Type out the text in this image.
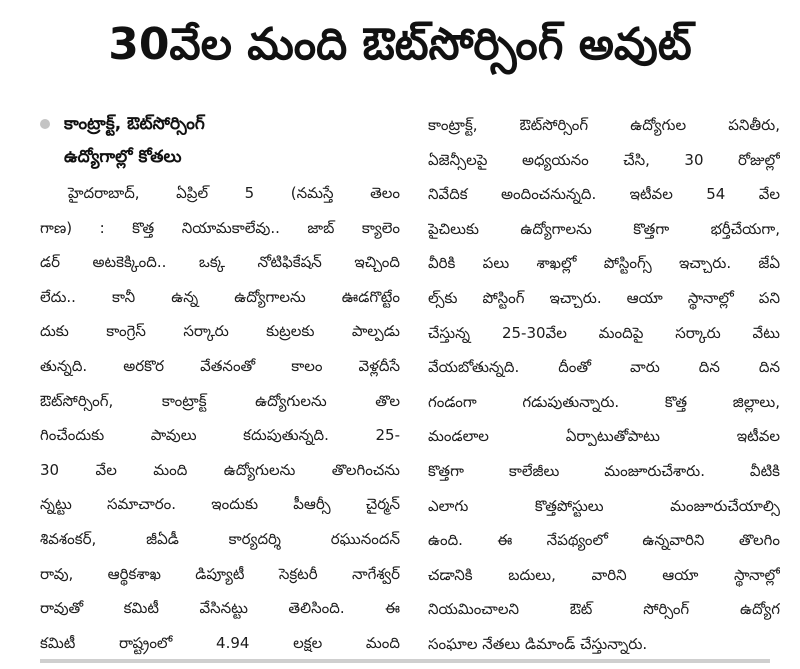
30వేల మంది ఔట్‌సోర్సింగ్ అవుట్
కాంట్రాక్ట్, ఔట్‌సోర్సింగ్
ఉద్యోగాల్లో కోతలు
హైదరాబాద్, ఏప్రిల్ 5 (నమస్తే తెలం
గాణ) : కొత్త నియామకాలేవు.. జాబ్ క్యాలెం
డర్ అటకెక్కింది.. ఒక్క నోటిఫికేషన్ ఇచ్చింది
లేదు.. కానీ ఉన్న ఉద్యోగాలను ఊడగొట్టేం
దుకు కాంగ్రెస్ సర్కారు కుట్రలకు పాల్పడు
తున్నది. అరకొర వేతనంతో కాలం వెళ్లదీసే
ఔట్‌సోర్సింగ్, కాంట్రాక్ట్ ఉద్యోగులను తొల
గించేందుకు పావులు కదుపుతున్నది. 25-
30 వేల మంది ఉద్యోగులను తొలగించను
న్నట్టు సమాచారం. ఇందుకు పీఆర్సీ చైర్మన్
శివశంకర్, జీఏడీ కార్యదర్శి రఘునందన్
రావు, ఆర్థికశాఖ డిప్యూటీ సెక్రటరీ నాగేశ్వర్
రావుతో కమిటీ వేసినట్టు తెలిసింది. ఈ
కమిటీ రాష్ట్రంలో 4.94 లక్షల మంది
కాంట్రాక్ట్, ఔట్‌సోర్సింగ్ ఉద్యోగుల పనితీరు,
ఏజెన్సీలపై అధ్యయనం చేసి, 30 రోజుల్లో
నివేదిక అందించనున్నది. ఇటీవల 54 వేల
పైచిలుకు ఉద్యోగాలను కొత్తగా భర్తీచేయగా,
వీరికి పలు శాఖల్లో పోస్టింగ్స్ ఇచ్చారు. జేఏ
ల్స్‌కు పోస్టింగ్ ఇచ్చారు. ఆయా స్థానాల్లో పని
చేస్తున్న 25-30వేల మందిపై సర్కారు వేటు
వేయబోతున్నది. దీంతో వారు దిన దిన
గండంగా గడుపుతున్నారు. కొత్త జిల్లాలు,
మండలాల ఏర్పాటుతోపాటు ఇటీవల
కొత్తగా కాలేజీలు మంజూరుచేశారు. వీటికి
ఎలాగు కొత్తపోస్టులు మంజూరుచేయాల్సి
ఉంది. ఈ నేపథ్యంలో ఉన్నవారిని తొలగిం
చడానికి బదులు, వారిని ఆయా స్థానాల్లో
నియమించాలని ఔట్ సోర్సింగ్ ఉద్యోగ
సంఘాల నేతలు డిమాండ్ చేస్తున్నారు.
